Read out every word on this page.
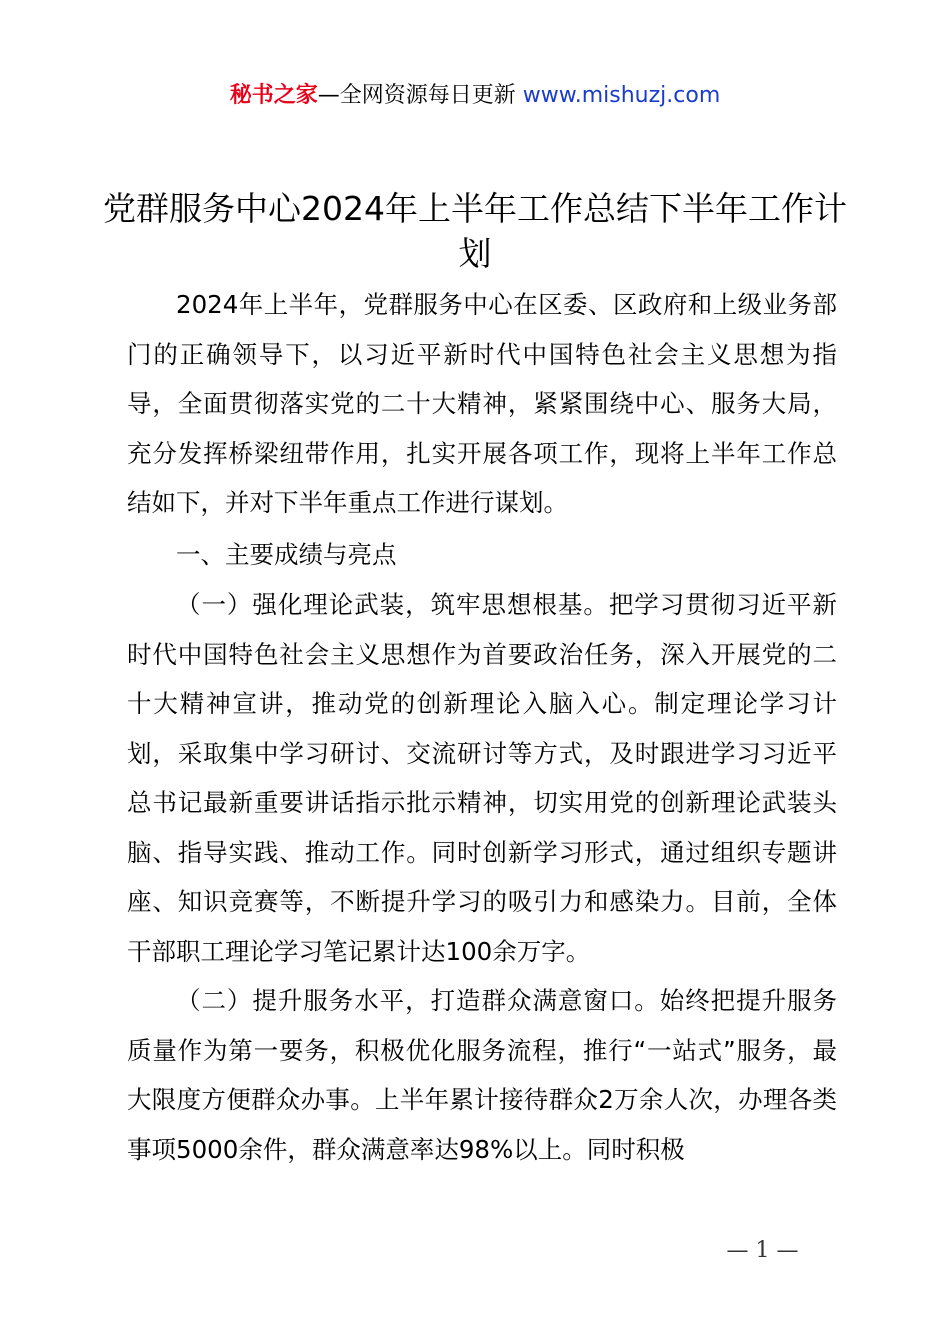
秘书之家—全网资源每日更新 www.mishuzj.com
党群服务中心2024年上半年工作总结下半年工作计划

2024年上半年，党群服务中心在区委、区政府和上级业务部门的正确领导下，以习近平新时代中国特色社会主义思想为指导，全面贯彻落实党的二十大精神，紧紧围绕中心、服务大局，充分发挥桥梁纽带作用，扎实开展各项工作，现将上半年工作总结如下，并对下半年重点工作进行谋划。

一、主要成绩与亮点

（一）强化理论武装，筑牢思想根基。把学习贯彻习近平新时代中国特色社会主义思想作为首要政治任务，深入开展党的二十大精神宣讲，推动党的创新理论入脑入心。制定理论学习计划，采取集中学习研讨、交流研讨等方式，及时跟进学习习近平总书记最新重要讲话指示批示精神，切实用党的创新理论武装头脑、指导实践、推动工作。同时创新学习形式，通过组织专题讲座、知识竞赛等，不断提升学习的吸引力和感染力。目前，全体干部职工理论学习笔记累计达100余万字。

（二）提升服务水平，打造群众满意窗口。始终把提升服务质量作为第一要务，积极优化服务流程，推行“一站式”服务，最大限度方便群众办事。上半年累计接待群众2万余人次，办理各类事项5000余件，群众满意率达98%以上。同时积极

— 1 —
